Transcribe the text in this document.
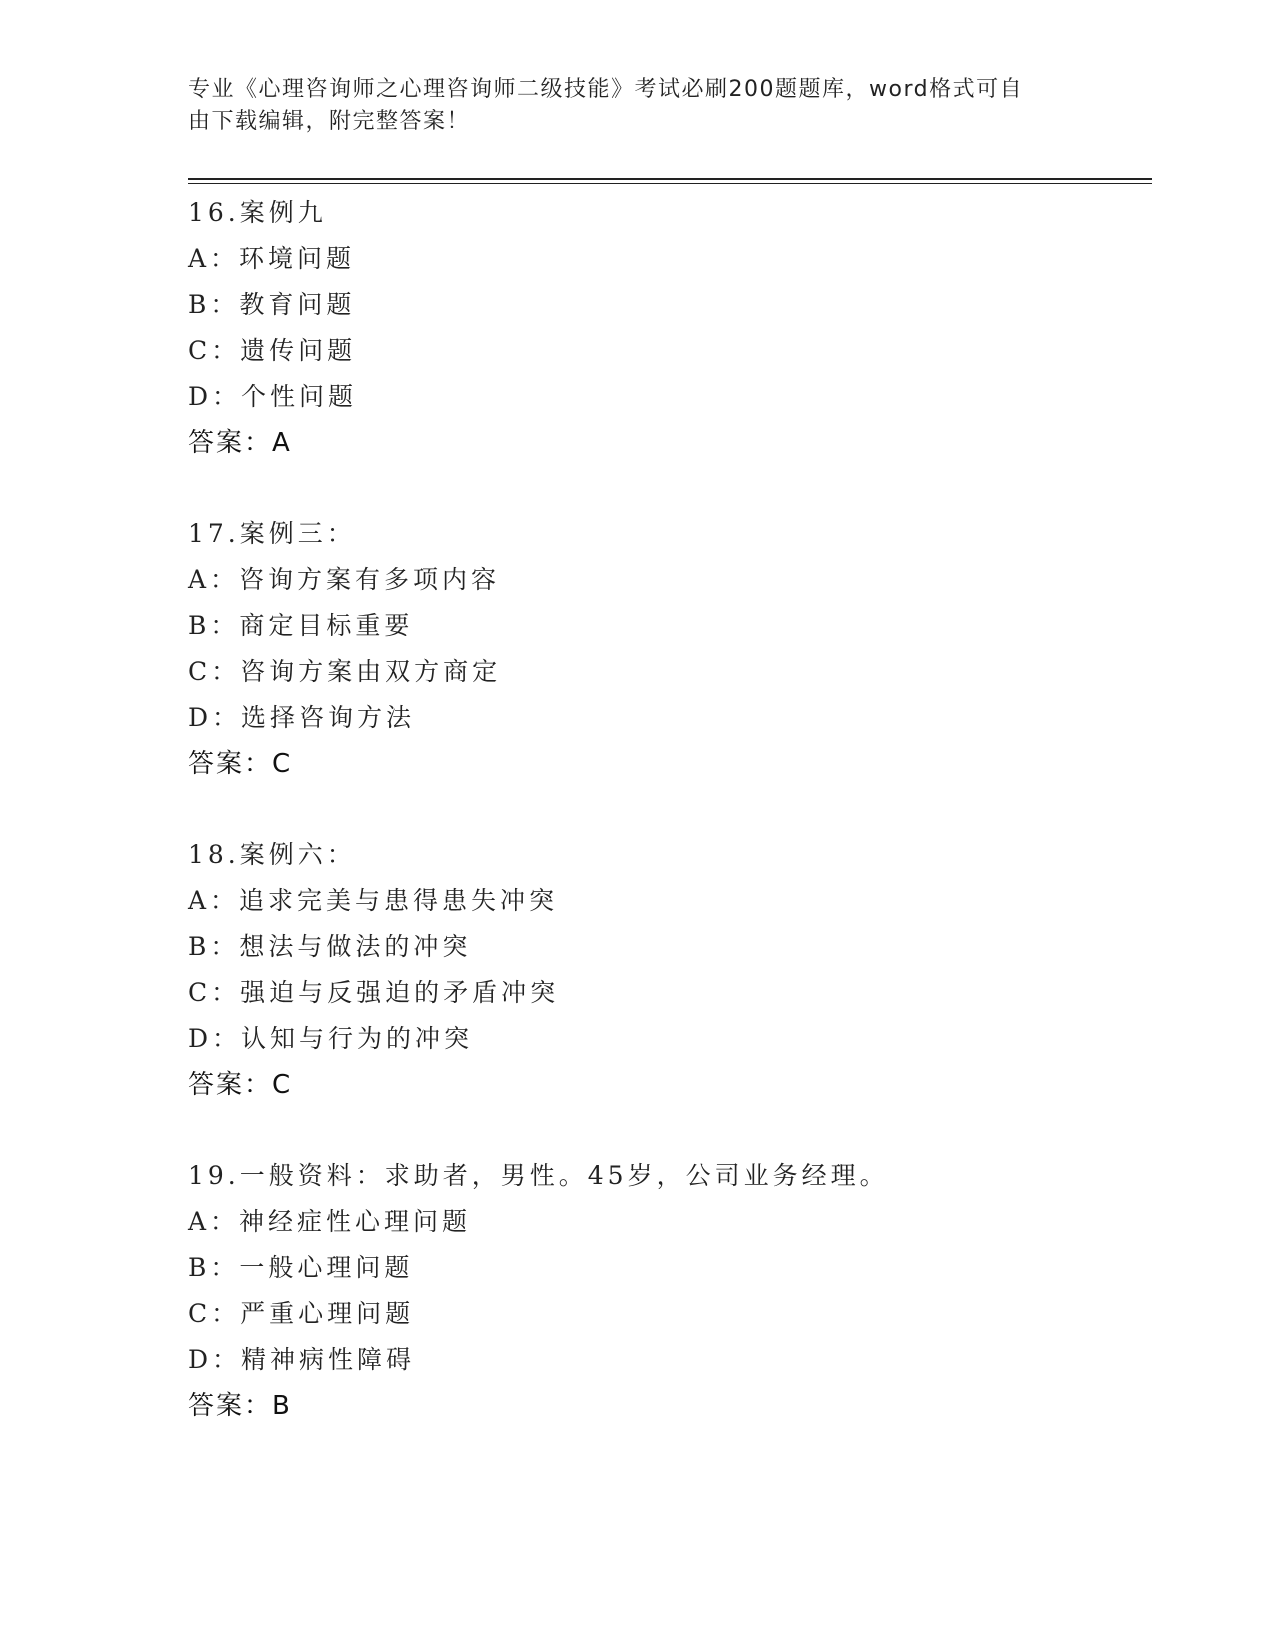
专业《心理咨询师之心理咨询师二级技能》考试必刷200题题库，word格式可自
由下载编辑，附完整答案！
16.案例九
A：环境问题
B：教育问题
C：遗传问题
D：个性问题
答案：A
17.案例三：
A：咨询方案有多项内容
B：商定目标重要
C：咨询方案由双方商定
D：选择咨询方法
答案：C
18.案例六：
A：追求完美与患得患失冲突
B：想法与做法的冲突
C：强迫与反强迫的矛盾冲突
D：认知与行为的冲突
答案：C
19.一般资料：求助者，男性。45岁，公司业务经理。
A：神经症性心理问题
B：一般心理问题
C：严重心理问题
D：精神病性障碍
答案：B
